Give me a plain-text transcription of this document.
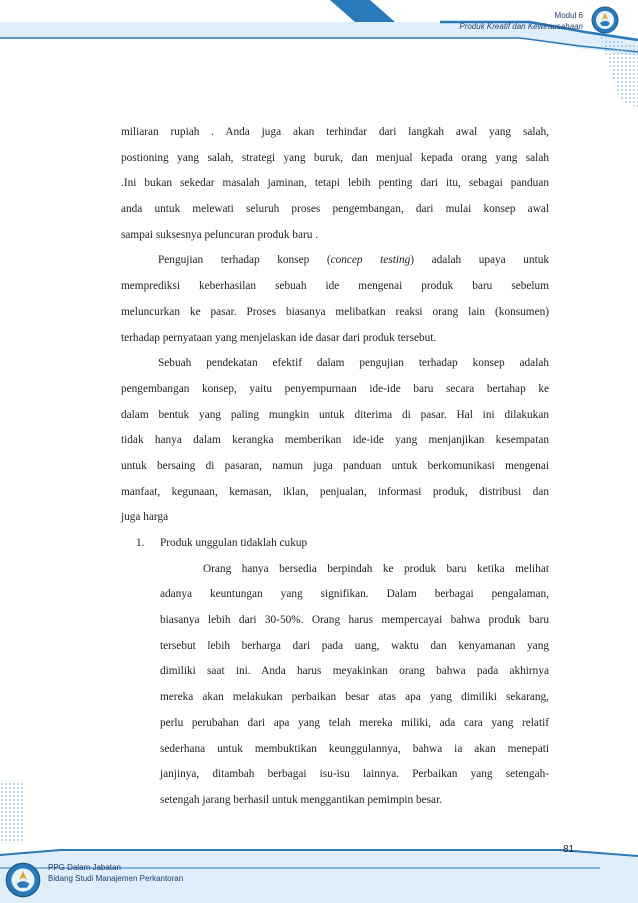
Modul 6
Produk Kreatif dan Kewirausahaan
miliaran rupiah . Anda juga akan terhindar dari langkah awal yang salah,
postioning yang salah, strategi yang buruk, dan menjual kepada orang yang salah
.Ini bukan sekedar masalah jaminan, tetapi lebih penting dari itu, sebagai panduan
anda untuk melewati seluruh proses pengembangan, dari mulai konsep awal
sampai suksesnya peluncuran produk baru .
Pengujian terhadap konsep (concep testing) adalah upaya untuk
memprediksi keberhasilan sebuah ide mengenai produk baru sebelum
meluncurkan ke pasar. Proses biasanya melibatkan reaksi orang lain (konsumen)
terhadap pernyataan yang menjelaskan ide dasar dari produk tersebut.
Sebuah pendekatan efektif dalam pengujian terhadap konsep adalah
pengembangan konsep, yaitu penyempurnaan ide-ide baru secara bertahap ke
dalam bentuk yang paling mungkin untuk diterima di pasar. Hal ini dilakukan
tidak hanya dalam kerangka memberikan ide-ide yang menjanjikan kesempatan
untuk bersaing di pasaran, namun juga panduan untuk berkomunikasi mengenai
manfaat, kegunaan, kemasan, iklan, penjualan, informasi produk, distribusi dan
juga harga
1. Produk unggulan tidaklah cukup
Orang hanya bersedia berpindah ke produk baru ketika melihat
adanya keuntungan yang signifikan. Dalam berbagai pengalaman,
biasanya lebih dari 30-50%. Orang harus mempercayai bahwa produk baru
tersebut lebih berharga dari pada uang, waktu dan kenyamanan yang
dimiliki saat ini. Anda harus meyakinkan orang bahwa pada akhirnya
mereka akan melakukan perbaikan besar atas apa yang dimiliki sekarang,
perlu perubahan dari apa yang telah mereka miliki, ada cara yang relatif
sederhana untuk membuktikan keunggulannya, bahwa ia akan menepati
janjinya, ditambah berbagai isu-isu lainnya. Perbaikan yang setengah-
setengah jarang berhasil untuk menggantikan pemimpin besar.
81
PPG Dalam Jabatan
Bidang Studi Manajemen Perkantoran
